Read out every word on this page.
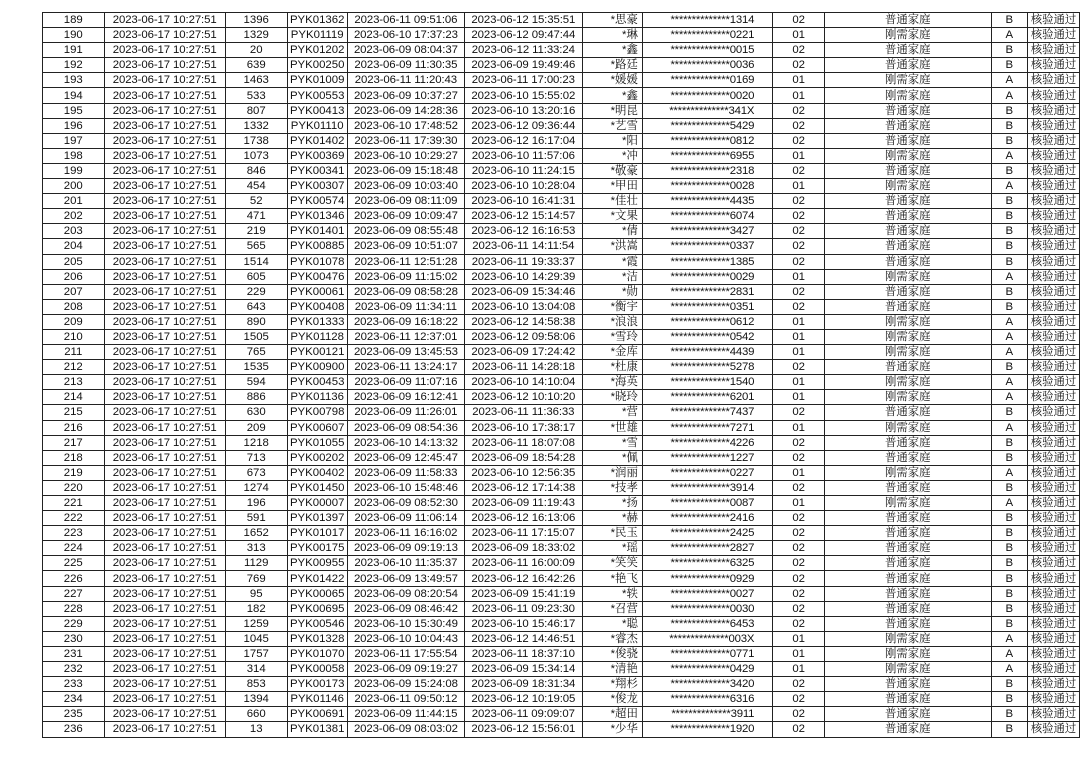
189	2023-06-17 10:27:51	1396	PYK01362	2023-06-11 09:51:06	2023-06-12 15:35:51	*思豪	**************1314	02	普通家庭	B	核验通过
190	2023-06-17 10:27:51	1329	PYK01119	2023-06-10 17:37:23	2023-06-12 09:47:44	*琳	**************0221	01	刚需家庭	A	核验通过
191	2023-06-17 10:27:51	20	PYK01202	2023-06-09 08:04:37	2023-06-12 11:33:24	*鑫	**************0015	02	普通家庭	B	核验通过
192	2023-06-17 10:27:51	639	PYK00250	2023-06-09 11:30:35	2023-06-09 19:49:46	*路廷	**************0036	02	普通家庭	B	核验通过
193	2023-06-17 10:27:51	1463	PYK01009	2023-06-11 11:20:43	2023-06-11 17:00:23	*媛媛	**************0169	01	刚需家庭	A	核验通过
194	2023-06-17 10:27:51	533	PYK00553	2023-06-09 10:37:27	2023-06-10 15:55:02	*鑫	**************0020	01	刚需家庭	A	核验通过
195	2023-06-17 10:27:51	807	PYK00413	2023-06-09 14:28:36	2023-06-10 13:20:16	*明昆	**************341X	02	普通家庭	B	核验通过
196	2023-06-17 10:27:51	1332	PYK01110	2023-06-10 17:48:52	2023-06-12 09:36:44	*艺雪	**************5429	02	普通家庭	B	核验通过
197	2023-06-17 10:27:51	1738	PYK01402	2023-06-11 17:39:30	2023-06-12 16:17:04	*阳	**************0812	02	普通家庭	B	核验通过
198	2023-06-17 10:27:51	1073	PYK00369	2023-06-10 10:29:27	2023-06-10 11:57:06	*冲	**************6955	01	刚需家庭	A	核验通过
199	2023-06-17 10:27:51	846	PYK00341	2023-06-09 15:18:48	2023-06-10 11:24:15	*敬豪	**************2318	02	普通家庭	B	核验通过
200	2023-06-17 10:27:51	454	PYK00307	2023-06-09 10:03:40	2023-06-10 10:28:04	*甲田	**************0028	01	刚需家庭	A	核验通过
201	2023-06-17 10:27:51	52	PYK00574	2023-06-09 08:11:09	2023-06-10 16:41:31	*佳壮	**************4435	02	普通家庭	B	核验通过
202	2023-06-17 10:27:51	471	PYK01346	2023-06-09 10:09:47	2023-06-12 15:14:57	*文果	**************6074	02	普通家庭	B	核验通过
203	2023-06-17 10:27:51	219	PYK01401	2023-06-09 08:55:48	2023-06-12 16:16:53	*倩	**************3427	02	普通家庭	B	核验通过
204	2023-06-17 10:27:51	565	PYK00885	2023-06-09 10:51:07	2023-06-11 14:11:54	*洪嵩	**************0337	02	普通家庭	B	核验通过
205	2023-06-17 10:27:51	1514	PYK01078	2023-06-11 12:51:28	2023-06-11 19:33:37	*霞	**************1385	02	普通家庭	B	核验通过
206	2023-06-17 10:27:51	605	PYK00476	2023-06-09 11:15:02	2023-06-10 14:29:39	*洁	**************0029	01	刚需家庭	A	核验通过
207	2023-06-17 10:27:51	229	PYK00061	2023-06-09 08:58:28	2023-06-09 15:34:46	*勋	**************2831	02	普通家庭	B	核验通过
208	2023-06-17 10:27:51	643	PYK00408	2023-06-09 11:34:11	2023-06-10 13:04:08	*衡宇	**************0351	02	普通家庭	B	核验通过
209	2023-06-17 10:27:51	890	PYK01333	2023-06-09 16:18:22	2023-06-12 14:58:38	*浪浪	**************0612	01	刚需家庭	A	核验通过
210	2023-06-17 10:27:51	1505	PYK01128	2023-06-11 12:37:01	2023-06-12 09:58:06	*雪玲	**************0542	01	刚需家庭	A	核验通过
211	2023-06-17 10:27:51	765	PYK00121	2023-06-09 13:45:53	2023-06-09 17:24:42	*金库	**************4439	01	刚需家庭	A	核验通过
212	2023-06-17 10:27:51	1535	PYK00900	2023-06-11 13:24:17	2023-06-11 14:28:18	*杜康	**************5278	02	普通家庭	B	核验通过
213	2023-06-17 10:27:51	594	PYK00453	2023-06-09 11:07:16	2023-06-10 14:10:04	*海英	**************1540	01	刚需家庭	A	核验通过
214	2023-06-17 10:27:51	886	PYK01136	2023-06-09 16:12:41	2023-06-12 10:10:20	*晓玲	**************6201	01	刚需家庭	A	核验通过
215	2023-06-17 10:27:51	630	PYK00798	2023-06-09 11:26:01	2023-06-11 11:36:33	*营	**************7437	02	普通家庭	B	核验通过
216	2023-06-17 10:27:51	209	PYK00607	2023-06-09 08:54:36	2023-06-10 17:38:17	*世雄	**************7271	01	刚需家庭	A	核验通过
217	2023-06-17 10:27:51	1218	PYK01055	2023-06-10 14:13:32	2023-06-11 18:07:08	*雪	**************4226	02	普通家庭	B	核验通过
218	2023-06-17 10:27:51	713	PYK00202	2023-06-09 12:45:47	2023-06-09 18:54:28	*佩	**************1227	02	普通家庭	B	核验通过
219	2023-06-17 10:27:51	673	PYK00402	2023-06-09 11:58:33	2023-06-10 12:56:35	*润丽	**************0227	01	刚需家庭	A	核验通过
220	2023-06-17 10:27:51	1274	PYK01450	2023-06-10 15:48:46	2023-06-12 17:14:38	*技孝	**************3914	02	普通家庭	B	核验通过
221	2023-06-17 10:27:51	196	PYK00007	2023-06-09 08:52:30	2023-06-09 11:19:43	*扬	**************0087	01	刚需家庭	A	核验通过
222	2023-06-17 10:27:51	591	PYK01397	2023-06-09 11:06:14	2023-06-12 16:13:06	*赫	**************2416	02	普通家庭	B	核验通过
223	2023-06-17 10:27:51	1652	PYK01017	2023-06-11 16:16:02	2023-06-11 17:15:07	*民玉	**************2425	02	普通家庭	B	核验通过
224	2023-06-17 10:27:51	313	PYK00175	2023-06-09 09:19:13	2023-06-09 18:33:02	*瑶	**************2827	02	普通家庭	B	核验通过
225	2023-06-17 10:27:51	1129	PYK00955	2023-06-10 11:35:37	2023-06-11 16:00:09	*笑笑	**************6325	02	普通家庭	B	核验通过
226	2023-06-17 10:27:51	769	PYK01422	2023-06-09 13:49:57	2023-06-12 16:42:26	*艳飞	**************0929	02	普通家庭	B	核验通过
227	2023-06-17 10:27:51	95	PYK00065	2023-06-09 08:20:54	2023-06-09 15:41:19	*轶	**************0027	02	普通家庭	B	核验通过
228	2023-06-17 10:27:51	182	PYK00695	2023-06-09 08:46:42	2023-06-11 09:23:30	*召营	**************0030	02	普通家庭	B	核验通过
229	2023-06-17 10:27:51	1259	PYK00546	2023-06-10 15:30:49	2023-06-10 15:46:17	*聪	**************6453	02	普通家庭	B	核验通过
230	2023-06-17 10:27:51	1045	PYK01328	2023-06-10 10:04:43	2023-06-12 14:46:51	*睿杰	**************003X	01	刚需家庭	A	核验通过
231	2023-06-17 10:27:51	1757	PYK01070	2023-06-11 17:55:54	2023-06-11 18:37:10	*俊骁	**************0771	01	刚需家庭	A	核验通过
232	2023-06-17 10:27:51	314	PYK00058	2023-06-09 09:19:27	2023-06-09 15:34:14	*清艳	**************0429	01	刚需家庭	A	核验通过
233	2023-06-17 10:27:51	853	PYK00173	2023-06-09 15:24:08	2023-06-09 18:31:34	*翔杉	**************3420	02	普通家庭	B	核验通过
234	2023-06-17 10:27:51	1394	PYK01146	2023-06-11 09:50:12	2023-06-12 10:19:05	*俊龙	**************6316	02	普通家庭	B	核验通过
235	2023-06-17 10:27:51	660	PYK00691	2023-06-09 11:44:15	2023-06-11 09:09:07	*超田	**************3911	02	普通家庭	B	核验通过
236	2023-06-17 10:27:51	13	PYK01381	2023-06-09 08:03:02	2023-06-12 15:56:01	*少华	**************1920	02	普通家庭	B	核验通过
